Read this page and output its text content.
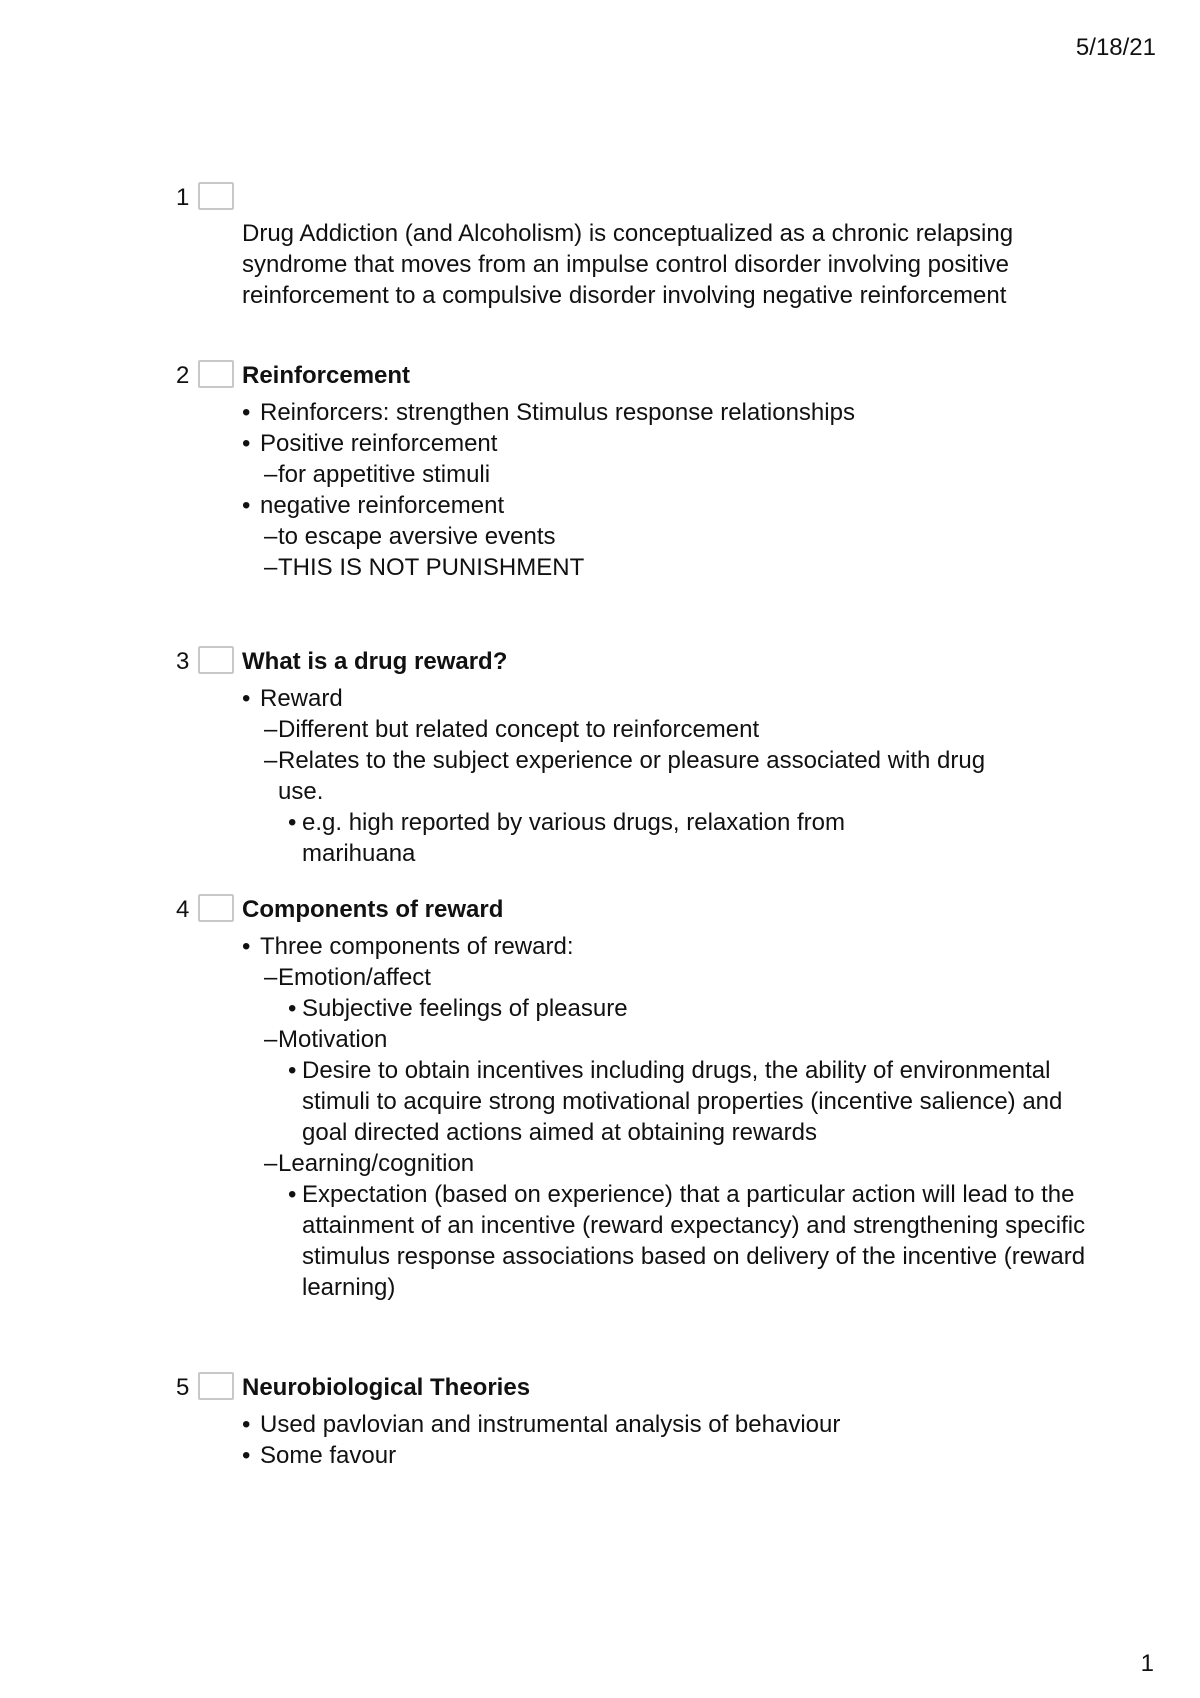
5/18/21
1
Drug Addiction (and Alcoholism) is conceptualized as a chronic relapsing syndrome that moves from an impulse control disorder involving positive reinforcement to a compulsive disorder involving negative reinforcement
2 Reinforcement
• Reinforcers: strengthen Stimulus response relationships
• Positive reinforcement
– for appetitive stimuli
• negative reinforcement
– to escape aversive events
– THIS IS NOT PUNISHMENT
3 What is a drug reward?
• Reward
– Different but related concept to reinforcement
– Relates to the subject experience or pleasure associated with drug use.
• e.g. high reported by various drugs, relaxation from marihuana
4 Components of reward
• Three components of reward:
– Emotion/affect
• Subjective feelings of pleasure
– Motivation
• Desire to obtain incentives including drugs, the ability of environmental stimuli to acquire strong motivational properties (incentive salience) and goal directed actions aimed at obtaining rewards
– Learning/cognition
• Expectation (based on experience) that a particular action will lead to the attainment of an incentive (reward expectancy) and strengthening specific stimulus response associations based on delivery of the incentive (reward learning)
5 Neurobiological Theories
• Used pavlovian and instrumental analysis of behaviour
• Some favour
1
